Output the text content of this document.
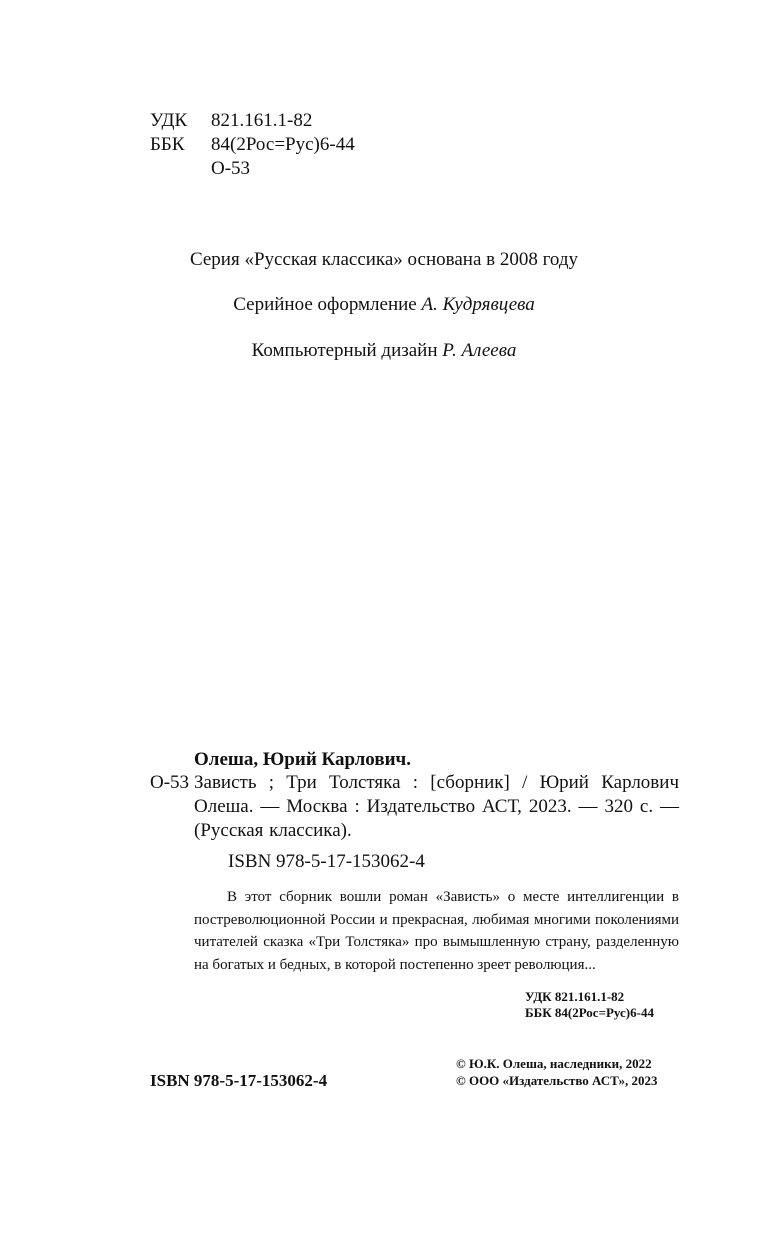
УДК 821.161.1-82
ББК 84(2Рос=Рус)6-44
О-53
Серия «Русская классика» основана в 2008 году
Серийное оформление А. Кудрявцева
Компьютерный дизайн Р. Алеева
Олеша, Юрий Карлович.
О-53 Зависть ; Три Толстяка : [сборник] / Юрий Карлович Олеша. — Москва : Издательство АСТ, 2023. — 320 с. — (Русская классика).
ISBN 978-5-17-153062-4
В этот сборник вошли роман «Зависть» о месте интеллигенции в постреволюционной России и прекрасная, любимая многими поколениями читателей сказка «Три Толстяка» про вымышленную страну, разделенную на богатых и бедных, в которой постепенно зреет революция...
УДК 821.161.1-82
ББК 84(2Рос=Рус)6-44
© Ю.К. Олеша, наследники, 2022
© ООО «Издательство АСТ», 2023
ISBN 978-5-17-153062-4
